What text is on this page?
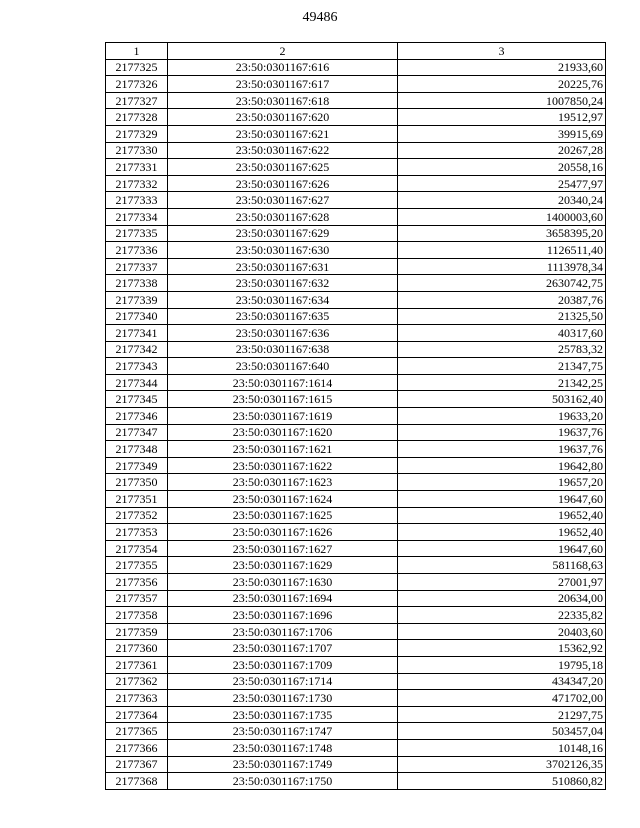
49486
1	2	3
2177325	23:50:0301167:616	21933,60
2177326	23:50:0301167:617	20225,76
2177327	23:50:0301167:618	1007850,24
2177328	23:50:0301167:620	19512,97
2177329	23:50:0301167:621	39915,69
2177330	23:50:0301167:622	20267,28
2177331	23:50:0301167:625	20558,16
2177332	23:50:0301167:626	25477,97
2177333	23:50:0301167:627	20340,24
2177334	23:50:0301167:628	1400003,60
2177335	23:50:0301167:629	3658395,20
2177336	23:50:0301167:630	1126511,40
2177337	23:50:0301167:631	1113978,34
2177338	23:50:0301167:632	2630742,75
2177339	23:50:0301167:634	20387,76
2177340	23:50:0301167:635	21325,50
2177341	23:50:0301167:636	40317,60
2177342	23:50:0301167:638	25783,32
2177343	23:50:0301167:640	21347,75
2177344	23:50:0301167:1614	21342,25
2177345	23:50:0301167:1615	503162,40
2177346	23:50:0301167:1619	19633,20
2177347	23:50:0301167:1620	19637,76
2177348	23:50:0301167:1621	19637,76
2177349	23:50:0301167:1622	19642,80
2177350	23:50:0301167:1623	19657,20
2177351	23:50:0301167:1624	19647,60
2177352	23:50:0301167:1625	19652,40
2177353	23:50:0301167:1626	19652,40
2177354	23:50:0301167:1627	19647,60
2177355	23:50:0301167:1629	581168,63
2177356	23:50:0301167:1630	27001,97
2177357	23:50:0301167:1694	20634,00
2177358	23:50:0301167:1696	22335,82
2177359	23:50:0301167:1706	20403,60
2177360	23:50:0301167:1707	15362,92
2177361	23:50:0301167:1709	19795,18
2177362	23:50:0301167:1714	434347,20
2177363	23:50:0301167:1730	471702,00
2177364	23:50:0301167:1735	21297,75
2177365	23:50:0301167:1747	503457,04
2177366	23:50:0301167:1748	10148,16
2177367	23:50:0301167:1749	3702126,35
2177368	23:50:0301167:1750	510860,82
